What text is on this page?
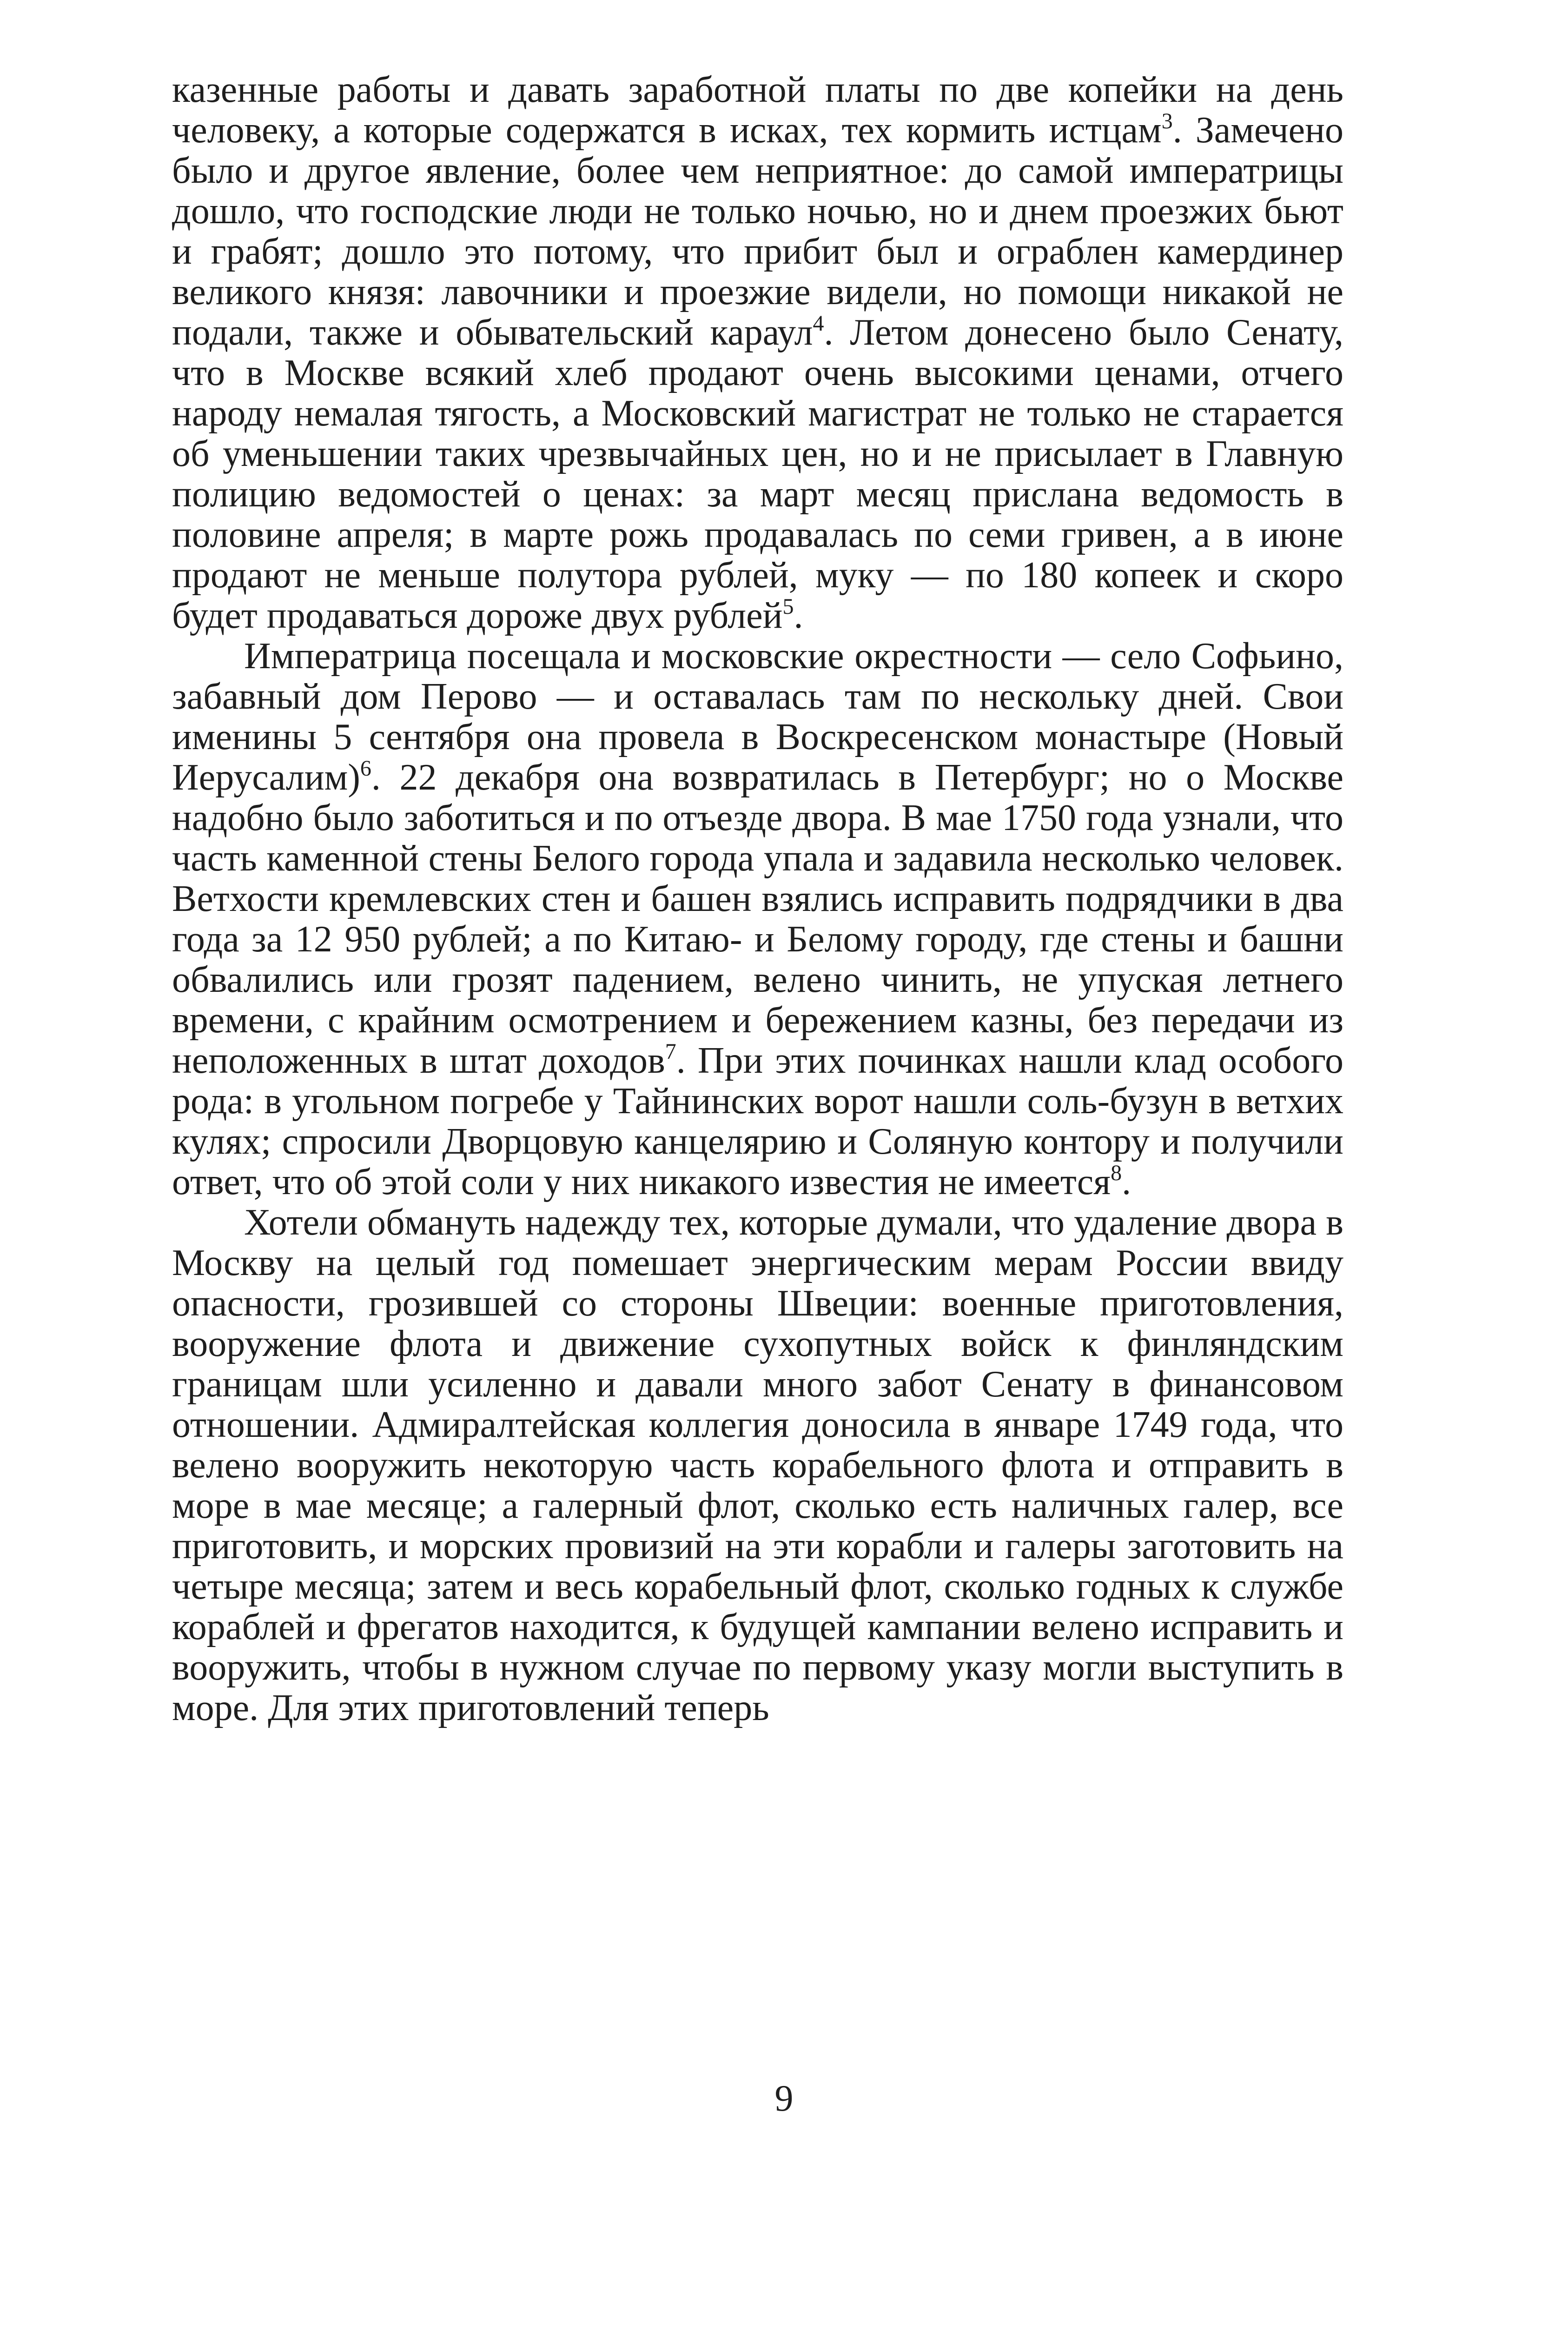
казенные работы и давать заработной платы по две копейки на день человеку, а которые содержатся в исках, тех кормить истцам$^3$. Замечено было и другое явление, более чем неприятное: до самой императрицы дошло, что господские люди не только ночью, но и днем проезжих бьют и грабят; дошло это потому, что прибит был и ограблен камердинер великого князя: лавочники и проезжие видели, но помощи никакой не подали, также и обывательский караул$^4$. Летом донесено было Сенату, что в Москве всякий хлеб продают очень высокими ценами, отчего народу немалая тягость, а Московский магистрат не только не старается об уменьшении таких чрезвычайных цен, но и не присылает в Главную полицию ведомостей о ценах: за март месяц прислана ведомость в половине апреля; в марте рожь продавалась по семи гривен, а в июне продают не меньше полутора рублей, муку — по 180 копеек и скоро будет продаваться дороже двух рублей$^5$.

Императрица посещала и московские окрестности — село Софьино, забавный дом Перово — и оставалась там по нескольку дней. Свои именины 5 сентября она провела в Воскресенском монастыре (Новый Иерусалим)$^6$. 22 декабря она возвратилась в Петербург; но о Москве надобно было заботиться и по отъезде двора. В мае 1750 года узнали, что часть каменной стены Белого города упала и задавила несколько человек. Ветхости кремлевских стен и башен взялись исправить подрядчики в два года за 12 950 рублей; а по Китаю- и Белому городу, где стены и башни обвалились или грозят падением, велено чинить, не упуская летнего времени, с крайним осмотрением и бережением казны, без передачи из неположенных в штат доходов$^7$. При этих починках нашли клад особого рода: в угольном погребе у Тайнинских ворот нашли соль-бузун в ветхих кулях; спросили Дворцовую канцелярию и Соляную контору и получили ответ, что об этой соли у них никакого известия не имеется$^8$.

Хотели обмануть надежду тех, которые думали, что удаление двора в Москву на целый год помешает энергическим мерам России ввиду опасности, грозившей со стороны Швеции: военные приготовления, вооружение флота и движение сухопутных войск к финляндским границам шли усиленно и давали много забот Сенату в финансовом отношении. Адмиралтейская коллегия доносила в январе 1749 года, что велено вооружить некоторую часть корабельного флота и отправить в море в мае месяце; а галерный флот, сколько есть наличных галер, все приготовить, и морских провизий на эти корабли и галеры заготовить на четыре месяца; затем и весь корабельный флот, сколько годных к службе кораблей и фрегатов находится, к будущей кампании велено исправить и вооружить, чтобы в нужном случае по первому указу могли выступить в море. Для этих приготовлений теперь

9
